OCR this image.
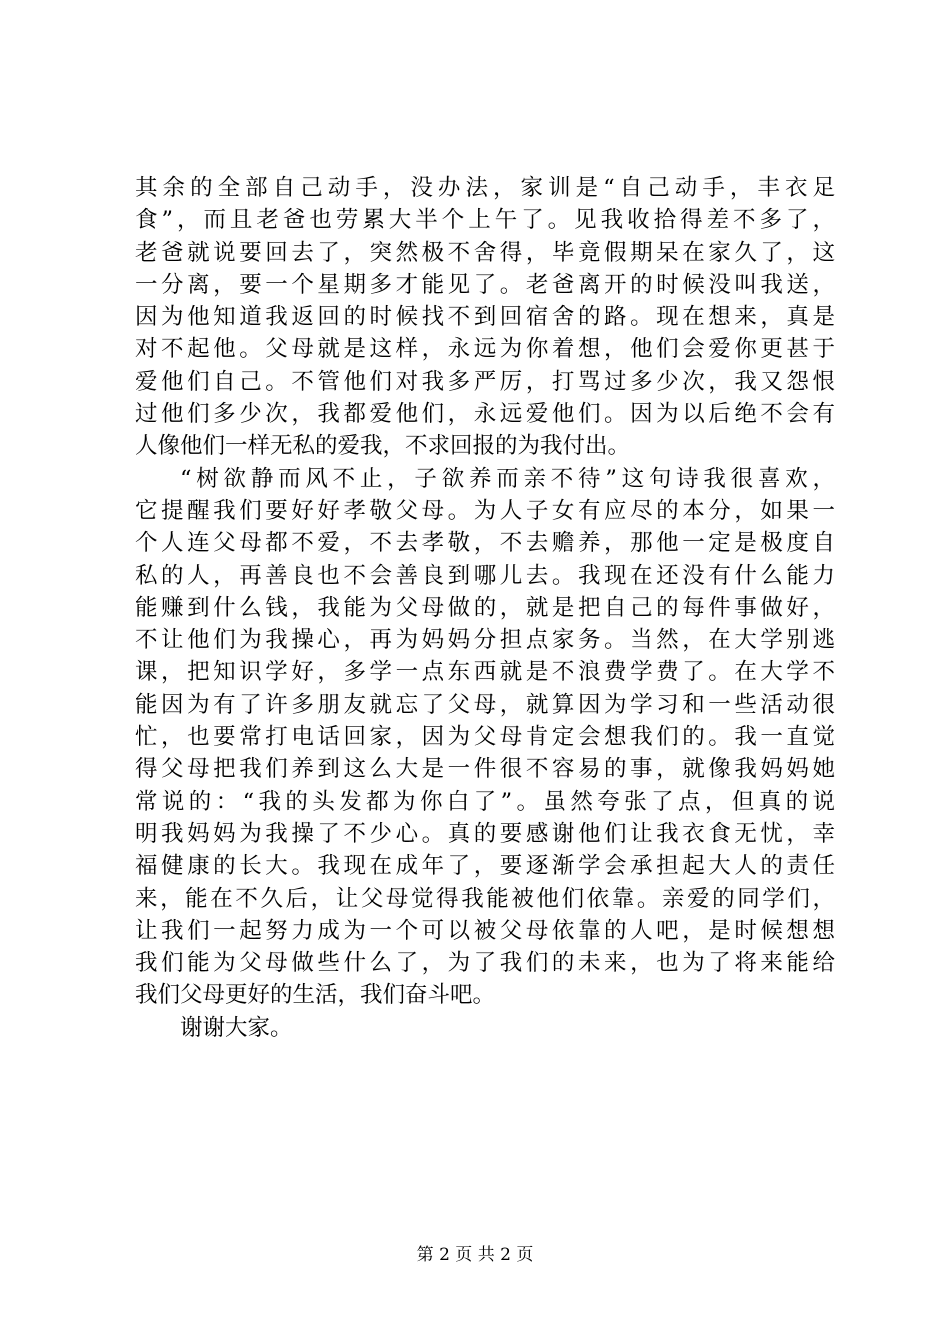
其余的全部自己动手，没办法，家训是“自己动手，丰衣足
食”，而且老爸也劳累大半个上午了。见我收拾得差不多了，
老爸就说要回去了，突然极不舍得，毕竟假期呆在家久了，这
一分离，要一个星期多才能见了。老爸离开的时候没叫我送，
因为他知道我返回的时候找不到回宿舍的路。现在想来，真是
对不起他。父母就是这样，永远为你着想，他们会爱你更甚于
爱他们自己。不管他们对我多严厉，打骂过多少次，我又怨恨
过他们多少次，我都爱他们，永远爱他们。因为以后绝不会有
人像他们一样无私的爱我，不求回报的为我付出。
“树欲静而风不止，子欲养而亲不待”这句诗我很喜欢，
它提醒我们要好好孝敬父母。为人子女有应尽的本分，如果一
个人连父母都不爱，不去孝敬，不去赡养，那他一定是极度自
私的人，再善良也不会善良到哪儿去。我现在还没有什么能力
能赚到什么钱，我能为父母做的，就是把自己的每件事做好，
不让他们为我操心，再为妈妈分担点家务。当然，在大学别逃
课，把知识学好，多学一点东西就是不浪费学费了。在大学不
能因为有了许多朋友就忘了父母，就算因为学习和一些活动很
忙，也要常打电话回家，因为父母肯定会想我们的。我一直觉
得父母把我们养到这么大是一件很不容易的事，就像我妈妈她
常说的：“我的头发都为你白了”。虽然夸张了点，但真的说
明我妈妈为我操了不少心。真的要感谢他们让我衣食无忧，幸
福健康的长大。我现在成年了，要逐渐学会承担起大人的责任
来，能在不久后，让父母觉得我能被他们依靠。亲爱的同学们，
让我们一起努力成为一个可以被父母依靠的人吧，是时候想想
我们能为父母做些什么了，为了我们的未来，也为了将来能给
我们父母更好的生活，我们奋斗吧。
谢谢大家。
第 2 页 共 2 页
